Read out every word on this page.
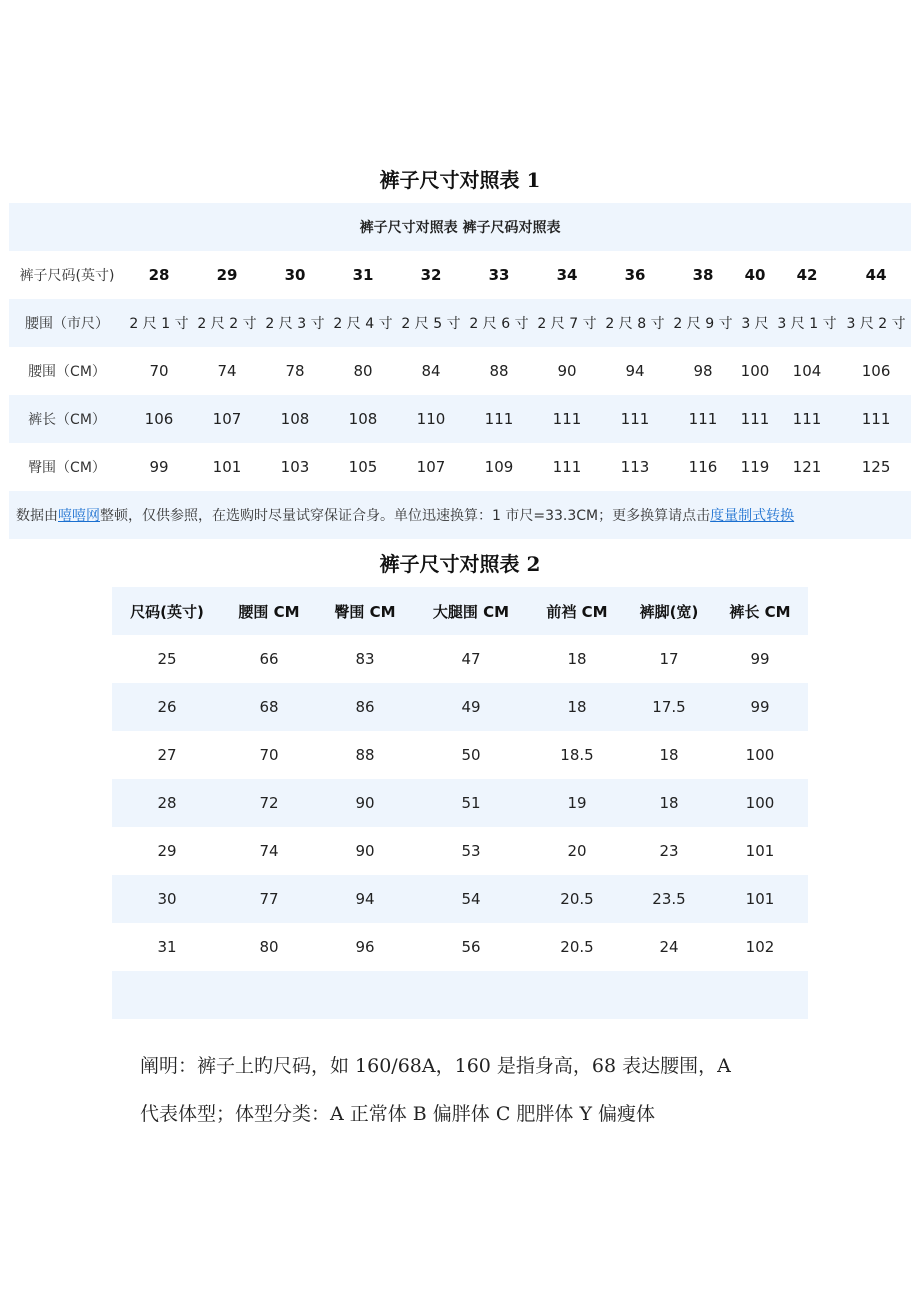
裤子尺寸对照表 1
裤子尺寸对照表 裤子尺码对照表												
裤子尺码(英寸)	28	29	30	31	32	33	34	36	38	40	42	44
腰围（市尺）	2 尺 1 寸	2 尺 2 寸	2 尺 3 寸	2 尺 4 寸	2 尺 5 寸	2 尺 6 寸	2 尺 7 寸	2 尺 8 寸	2 尺 9 寸	3 尺	3 尺 1 寸	3 尺 2 寸
腰围（CM）	70	74	78	80	84	88	90	94	98	100	104	106
裤长（CM）	106	107	108	108	110	111	111	111	111	111	111	111
臀围（CM）	99	101	103	105	107	109	111	113	116	119	121	125
数据由嘻嘻网整顿，仅供参照，在选购时尽量试穿保证合身。单位迅速换算：1 市尺=33.3CM；更多换算请点击度量制式转换												
裤子尺寸对照表 2
尺码(英寸)	腰围 CM	臀围 CM	大腿围 CM	前裆 CM	裤脚(宽)	裤长 CM
25	66	83	47	18	17	99
26	68	86	49	18	17.5	99
27	70	88	50	18.5	18	100
28	72	90	51	19	18	100
29	74	90	53	20	23	101
30	77	94	54	20.5	23.5	101
31	80	96	56	20.5	24	102

阐明：裤子上旳尺码，如 160/68A，160 是指身高，68 表达腰围，A
代表体型；体型分类：A 正常体 B 偏胖体 C 肥胖体 Y 偏瘦体
